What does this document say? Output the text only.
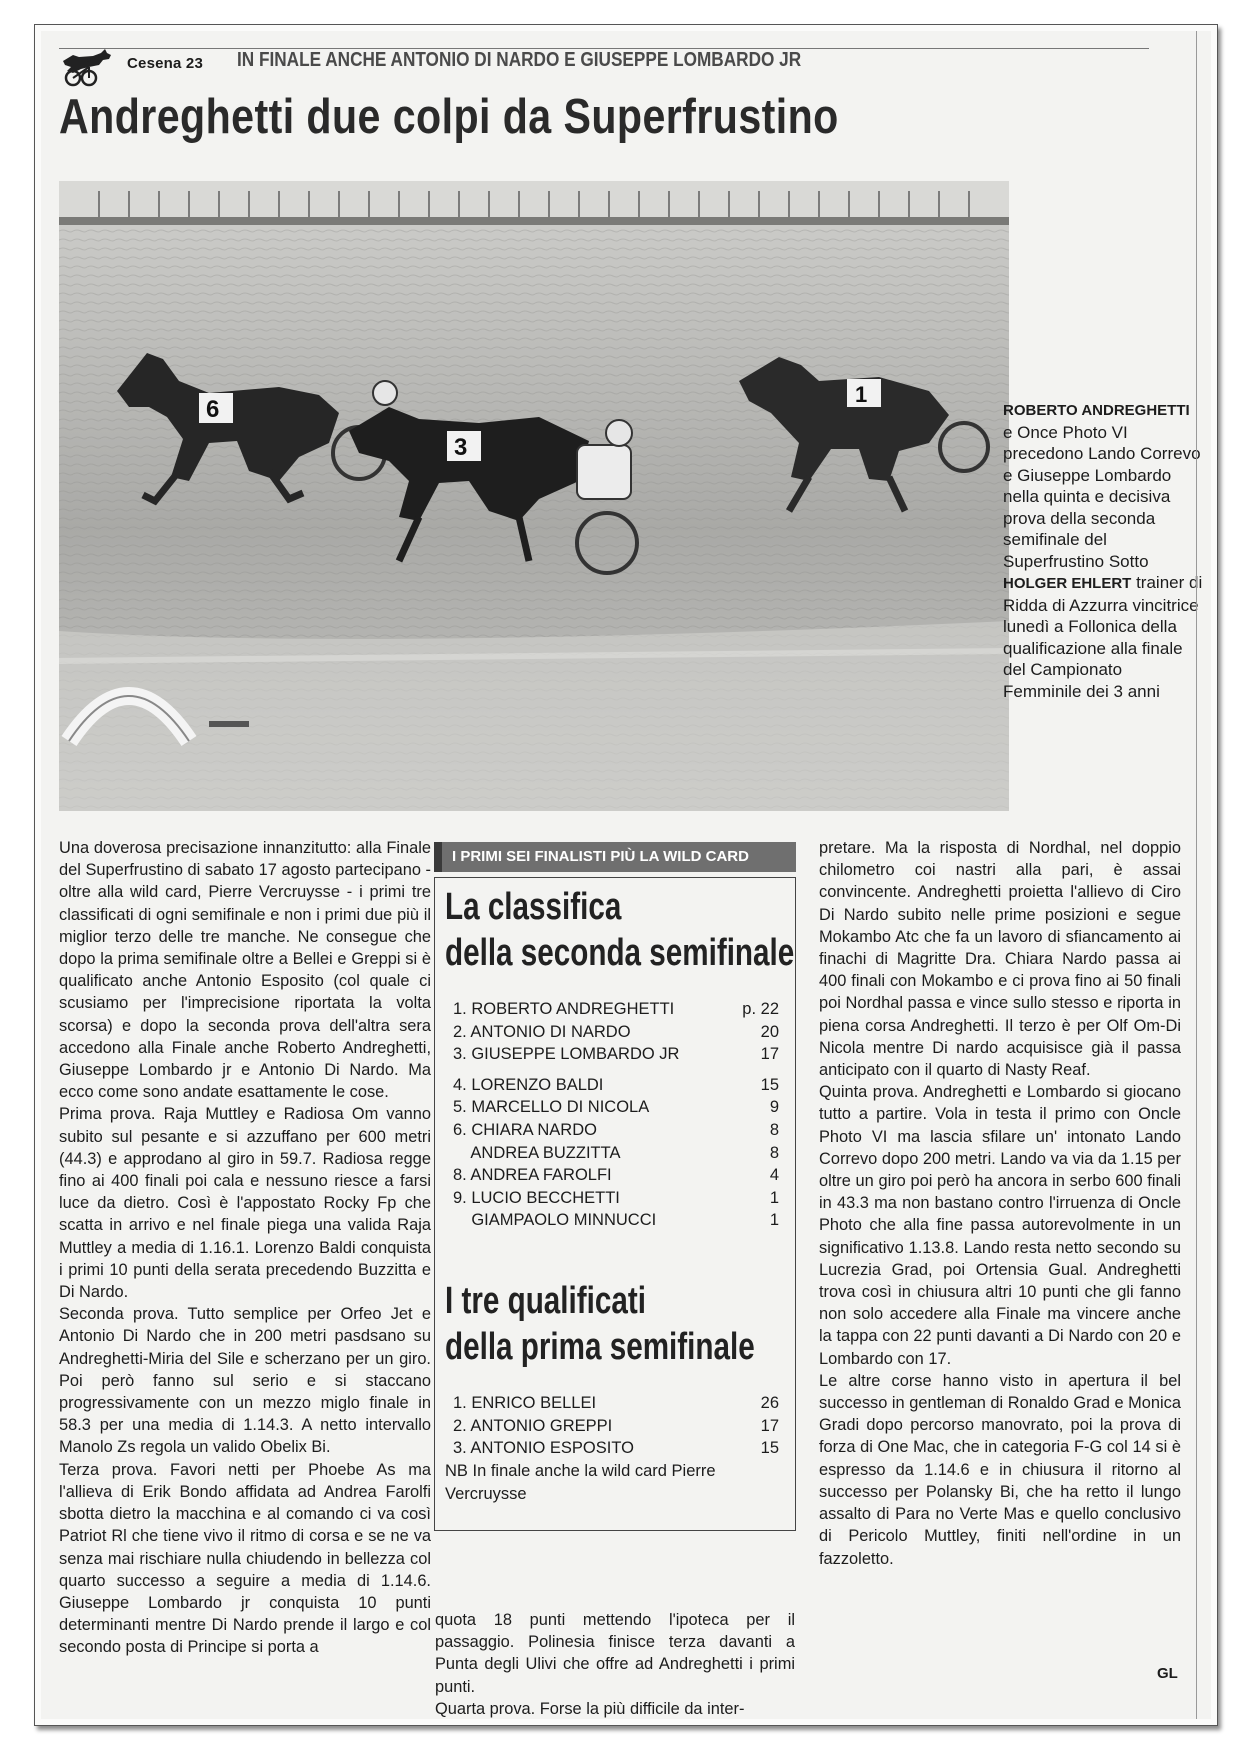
Cesena 23 IN FINALE ANCHE ANTONIO DI NARDO E GIUSEPPE LOMBARDO JR
Andreghetti due colpi da Superfrustino
6
3
1
ROBERTO ANDREGHETTI e Once Photo VI precedono Lando Correvo e Giuseppe Lombardo nella quinta e decisiva prova della seconda semifinale del Superfrustino Sotto HOLGER EHLERT trainer di Ridda di Azzurra vincitrice lunedì a Follonica della qualificazione alla finale del Campionato Femminile dei 3 anni

Una doverosa precisazione innanzitutto: alla Finale del Superfrustino di sabato 17 agosto partecipano - oltre alla wild card, Pierre Vercruysse - i primi tre classificati di ogni semifinale e non i primi due più il miglior terzo delle tre manche. Ne consegue che dopo la prima semifinale oltre a Bellei e Greppi si è qualificato anche Antonio Esposito (col quale ci scusiamo per l'imprecisione riportata la volta scorsa) e dopo la seconda prova dell'altra sera accedono alla Finale anche Roberto Andreghetti, Giuseppe Lombardo jr e Antonio Di Nardo. Ma ecco come sono andate esattamente le cose.

Prima prova. Raja Muttley e Radiosa Om vanno subito sul pesante e si azzuffano per 600 metri (44.3) e approdano al giro in 59.7. Radiosa regge fino ai 400 finali poi cala e nessuno riesce a farsi luce da dietro. Così è l'appostato Rocky Fp che scatta in arrivo e nel finale piega una valida Raja Muttley a media di 1.16.1. Lorenzo Baldi conquista i primi 10 punti della serata precedendo Buzzitta e Di Nardo.

Seconda prova. Tutto semplice per Orfeo Jet e Antonio Di Nardo che in 200 metri pasdsano su Andreghetti-Miria del Sile e scherzano per un giro. Poi però fanno sul serio e si staccano progressivamente con un mezzo miglo finale in 58.3 per una media di 1.14.3. A netto intervallo Manolo Zs regola un valido Obelix Bi.

Terza prova. Favori netti per Phoebe As ma l'allieva di Erik Bondo affidata ad Andrea Farolfi sbotta dietro la macchina e al comando ci va così Patriot Rl che tiene vivo il ritmo di corsa e se ne va senza mai rischiare nulla chiudendo in bellezza col quarto successo a seguire a media di 1.14.6. Giuseppe Lombardo jr conquista 10 punti determinanti mentre Di Nardo prende il largo e col secondo posta di Principe si porta a

I PRIMI SEI FINALISTI PIÙ LA WILD CARD
La classifica
della seconda semifinale
1. ROBERTO ANDREGHETTI	p. 22
2. ANTONIO DI NARDO	20
3. GIUSEPPE LOMBARDO JR	17
4. LORENZO BALDI	15
5. MARCELLO DI NICOLA	9
6. CHIARA NARDO	8
ANDREA BUZZITTA	8
8. ANDREA FAROLFI	4
9. LUCIO BECCHETTI	1
GIAMPAOLO MINNUCCI	1
I tre qualificati
della prima semifinale
1. ENRICO BELLEI	26
2. ANTONIO GREPPI	17
3. ANTONIO ESPOSITO	15
NB In finale anche la wild card Pierre Vercruysse

quota 18 punti mettendo l'ipoteca per il passaggio. Polinesia finisce terza davanti a Punta degli Ulivi che offre ad Andreghetti i primi punti.

Quarta prova. Forse la più difficile da inter-

pretare. Ma la risposta di Nordhal, nel doppio chilometro coi nastri alla pari, è assai convincente. Andreghetti proietta l'allievo di Ciro Di Nardo subito nelle prime posizioni e segue Mokambo Atc che fa un lavoro di sfiancamento ai finachi di Magritte Dra. Chiara Nardo passa ai 400 finali con Mokambo e ci prova fino ai 50 finali poi Nordhal passa e vince sullo stesso e riporta in piena corsa Andreghetti. Il terzo è per Olf Om-Di Nicola mentre Di nardo acquisisce già il passa anticipato con il quarto di Nasty Reaf.

Quinta prova. Andreghetti e Lombardo si giocano tutto a partire. Vola in testa il primo con Oncle Photo VI ma lascia sfilare un' intonato Lando Correvo dopo 200 metri. Lando va via da 1.15 per oltre un giro poi però ha ancora in serbo 600 finali in 43.3 ma non bastano contro l'irruenza di Oncle Photo che alla fine passa autorevolmente in un significativo 1.13.8. Lando resta netto secondo su Lucrezia Grad, poi Ortensia Gual. Andreghetti trova così in chiusura altri 10 punti che gli fanno non solo accedere alla Finale ma vincere anche la tappa con 22 punti davanti a Di Nardo con 20 e Lombardo con 17.

Le altre corse hanno visto in apertura il bel successo in gentleman di Ronaldo Grad e Monica Gradi dopo percorso manovrato, poi la prova di forza di One Mac, che in categoria F-G col 14 si è espresso da 1.14.6 e in chiusura il ritorno al successo per Polansky Bi, che ha retto il lungo assalto di Para no Verte Mas e quello conclusivo di Pericolo Muttley, finiti nell'ordine in un fazzoletto.

GL
